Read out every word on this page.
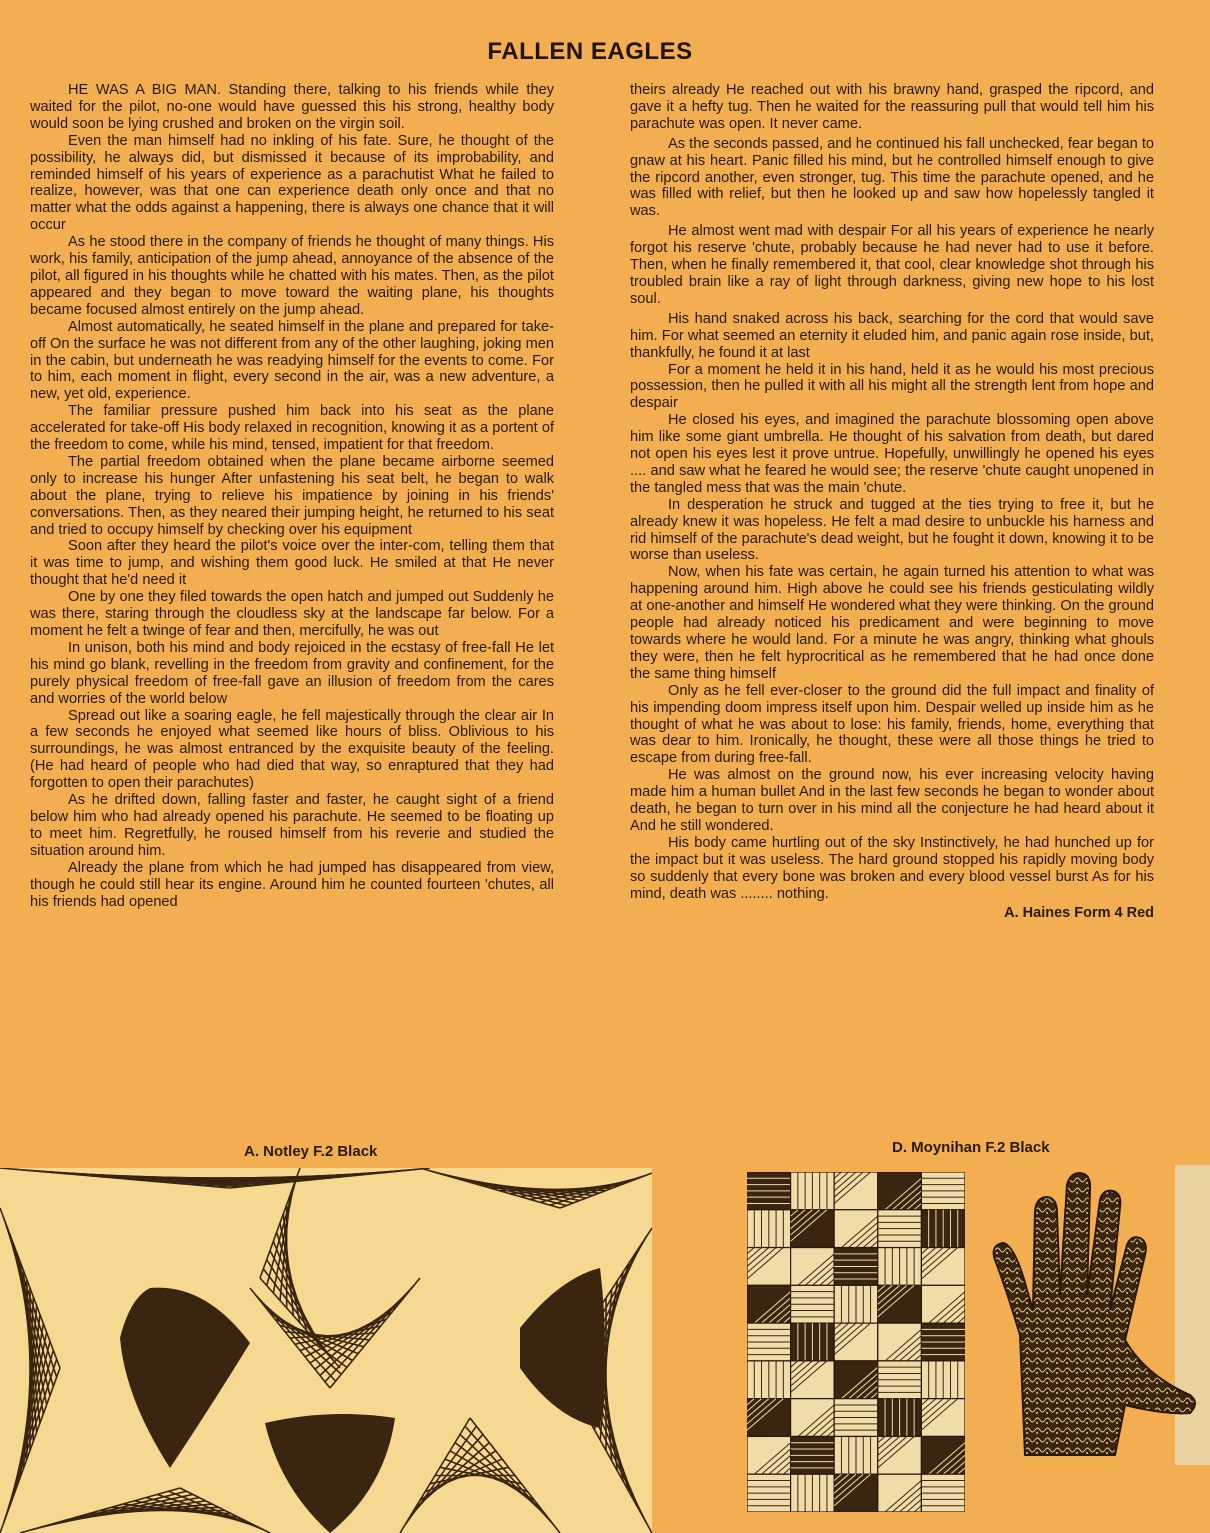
FALLEN EAGLES

HE WAS A BIG MAN. Standing there, talking to his friends while they waited for the pilot, no-one would have guessed this his strong, healthy body would soon be lying crushed and broken on the virgin soil.

Even the man himself had no inkling of his fate. Sure, he thought of the possibility, he always did, but dismissed it because of its improbability, and reminded himself of his years of experience as a parachutist What he failed to realize, however, was that one can experience death only once and that no matter what the odds against a happening, there is always one chance that it will occur

As he stood there in the company of friends he thought of many things. His work, his family, anticipation of the jump ahead, annoyance of the absence of the pilot, all figured in his thoughts while he chatted with his mates. Then, as the pilot appeared and they began to move toward the waiting plane, his thoughts became focused almost entirely on the jump ahead.

Almost automatically, he seated himself in the plane and prepared for take-off On the surface he was not different from any of the other laughing, joking men in the cabin, but underneath he was readying himself for the events to come. For to him, each moment in flight, every second in the air, was a new adventure, a new, yet old, experience.

The familiar pressure pushed him back into his seat as the plane accelerated for take-off His body relaxed in recognition, knowing it as a portent of the freedom to come, while his mind, tensed, impatient for that freedom.

The partial freedom obtained when the plane became airborne seemed only to increase his hunger After unfastening his seat belt, he began to walk about the plane, trying to relieve his impatience by joining in his friends' conversations. Then, as they neared their jumping height, he returned to his seat and tried to occupy himself by checking over his equipment

Soon after they heard the pilot's voice over the inter-com, telling them that it was time to jump, and wishing them good luck. He smiled at that He never thought that he'd need it

One by one they filed towards the open hatch and jumped out Suddenly he was there, staring through the cloudless sky at the landscape far below. For a moment he felt a twinge of fear and then, mercifully, he was out

In unison, both his mind and body rejoiced in the ecstasy of free-fall He let his mind go blank, revelling in the freedom from gravity and confinement, for the purely physical freedom of free-fall gave an illusion of freedom from the cares and worries of the world below

Spread out like a soaring eagle, he fell majestically through the clear air In a few seconds he enjoyed what seemed like hours of bliss. Oblivious to his surroundings, he was almost entranced by the exquisite beauty of the feeling. (He had heard of people who had died that way, so enraptured that they had forgotten to open their parachutes)

As he drifted down, falling faster and faster, he caught sight of a friend below him who had already opened his parachute. He seemed to be floating up to meet him. Regretfully, he roused himself from his reverie and studied the situation around him.

Already the plane from which he had jumped has disappeared from view, though he could still hear its engine. Around him he counted fourteen 'chutes, all his friends had opened

theirs already He reached out with his brawny hand, grasped the ripcord, and gave it a hefty tug. Then he waited for the reassuring pull that would tell him his parachute was open. It never came.

As the seconds passed, and he continued his fall unchecked, fear began to gnaw at his heart. Panic filled his mind, but he controlled himself enough to give the ripcord another, even stronger, tug. This time the parachute opened, and he was filled with relief, but then he looked up and saw how hopelessly tangled it was.

He almost went mad with despair For all his years of experience he nearly forgot his reserve 'chute, probably because he had never had to use it before. Then, when he finally remembered it, that cool, clear knowledge shot through his troubled brain like a ray of light through darkness, giving new hope to his lost soul.

His hand snaked across his back, searching for the cord that would save him. For what seemed an eternity it eluded him, and panic again rose inside, but, thankfully, he found it at last

For a moment he held it in his hand, held it as he would his most precious possession, then he pulled it with all his might all the strength lent from hope and despair

He closed his eyes, and imagined the parachute blossoming open above him like some giant umbrella. He thought of his salvation from death, but dared not open his eyes lest it prove untrue. Hopefully, unwillingly he opened his eyes .... and saw what he feared he would see; the reserve 'chute caught unopened in the tangled mess that was the main 'chute.

In desperation he struck and tugged at the ties trying to free it, but he already knew it was hopeless. He felt a mad desire to unbuckle his harness and rid himself of the parachute's dead weight, but he fought it down, knowing it to be worse than useless.

Now, when his fate was certain, he again turned his attention to what was happening around him. High above he could see his friends gesticulating wildly at one-another and himself He wondered what they were thinking. On the ground people had already noticed his predicament and were beginning to move towards where he would land. For a minute he was angry, thinking what ghouls they were, then he felt hyprocritical as he remembered that he had once done the same thing himself

Only as he fell ever-closer to the ground did the full impact and finality of his impending doom impress itself upon him. Despair welled up inside him as he thought of what he was about to lose: his family, friends, home, everything that was dear to him. Ironically, he thought, these were all those things he tried to escape from during free-fall.

He was almost on the ground now, his ever increasing velocity having made him a human bullet And in the last few seconds he began to wonder about death, he began to turn over in his mind all the conjecture he had heard about it And he still wondered.

His body came hurtling out of the sky Instinctively, he had hunched up for the impact but it was useless. The hard ground stopped his rapidly moving body so suddenly that every bone was broken and every blood vessel burst As for his mind, death was ........ nothing.

A. Haines Form 4 Red
A. Notley F.2 Black	D. Moynihan F.2 Black
